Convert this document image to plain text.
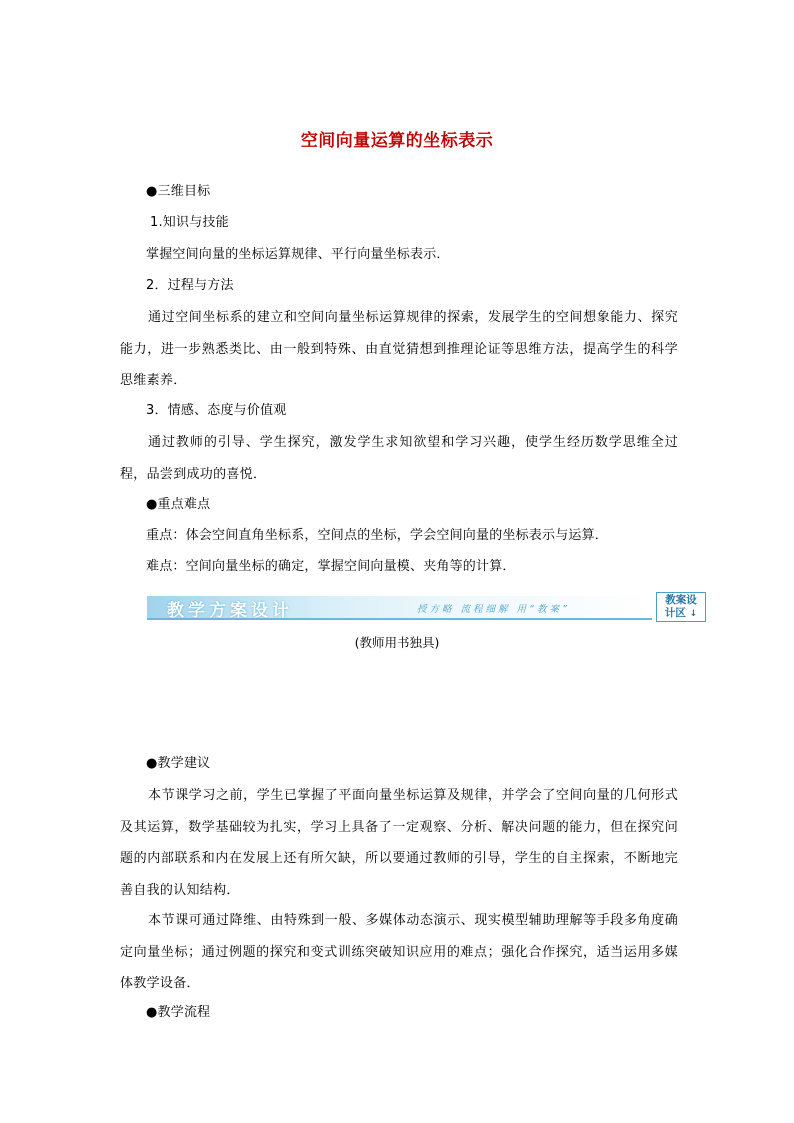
空间向量运算的坐标表示
●三维目标
1.知识与技能
掌握空间向量的坐标运算规律、平行向量坐标表示．
2．过程与方法
通过空间坐标系的建立和空间向量坐标运算规律的探索，发展学生的空间想象能力、探究能力，进一步熟悉类比、由一般到特殊、由直觉猜想到推理论证等思维方法，提高学生的科学思维素养．
3．情感、态度与价值观
通过教师的引导、学生探究，激发学生求知欲望和学习兴趣，使学生经历数学思维全过程，品尝到成功的喜悦．
●重点难点
重点：体会空间直角坐标系，空间点的坐标，学会空间向量的坐标表示与运算．
难点：空间向量坐标的确定，掌握空间向量模、夹角等的计算．
教学方案设计	授方略 流程细解 用“教案”
教案设
计区 ↓
(教师用书独具)
●教学建议
本节课学习之前，学生已掌握了平面向量坐标运算及规律，并学会了空间向量的几何形式及其运算，数学基础较为扎实，学习上具备了一定观察、分析、解决问题的能力，但在探究问题的内部联系和内在发展上还有所欠缺，所以要通过教师的引导，学生的自主探索，不断地完善自我的认知结构．
本节课可通过降维、由特殊到一般、多媒体动态演示、现实模型辅助理解等手段多角度确定向量坐标；通过例题的探究和变式训练突破知识应用的难点；强化合作探究，适当运用多媒体教学设备．
●教学流程
